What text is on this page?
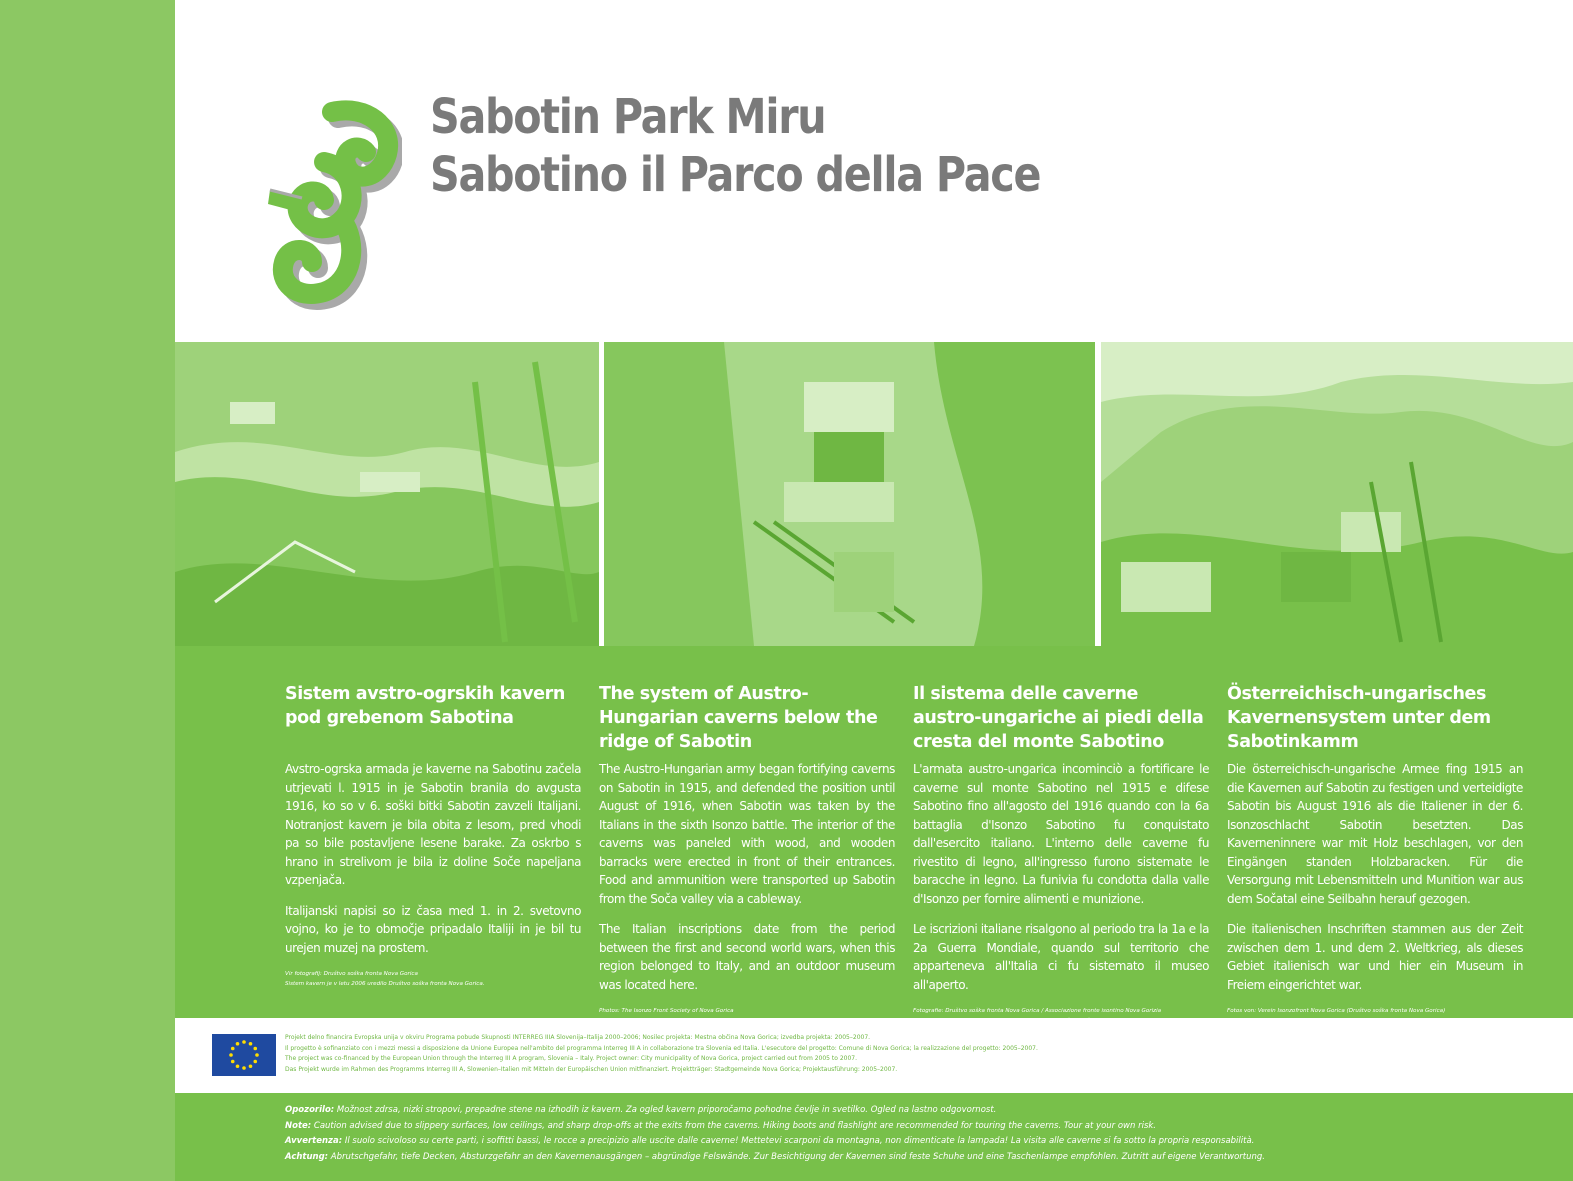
Sabotin Park Miru
Sabotino il Parco della Pace
Sistem avstro-ogrskih kavern pod grebenom Sabotina

Avstro-ogrska armada je kaverne na Sabotinu začela utrjevati l. 1915 in je Sabotin branila do avgusta 1916, ko so v 6. soški bitki Sabotin zavzeli Italijani. Notranjost kavern je bila obita z lesom, pred vhodi pa so bile postavljene lesene barake. Za oskrbo s hrano in strelivom je bila iz doline Soče napeljana vzpenjača.

Italijanski napisi so iz časa med 1. in 2. svetovno vojno, ko je to območje pripadalo Italiji in je bil tu urejen muzej na prostem.

Vir fotografij: Društvo soška fronta Nova Gorica

Sistem kavern je v letu 2006 uredilo Društvo soška fronta Nova Gorica.

The system of Austro-Hungarian caverns below the ridge of Sabotin

The Austro-Hungarian army began fortifying caverns on Sabotin in 1915, and defended the position until August of 1916, when Sabotin was taken by the Italians in the sixth Isonzo battle. The interior of the caverns was paneled with wood, and wooden barracks were erected in front of their entrances. Food and ammunition were transported up Sabotin from the Soča valley via a cableway.

The Italian inscriptions date from the period between the first and second world wars, when this region belonged to Italy, and an outdoor museum was located here.

Photos: The Isonzo Front Society of Nova Gorica

Il sistema delle caverne austro-ungariche ai piedi della cresta del monte Sabotino

L'armata austro-ungarica incominciò a fortificare le caverne sul monte Sabotino nel 1915 e difese Sabotino fino all'agosto del 1916 quando con la 6a battaglia d'Isonzo Sabotino fu conquistato dall'esercito italiano. L'interno delle caverne fu rivestito di legno, all'ingresso furono sistemate le baracche in legno. La funivia fu condotta dalla valle d'Isonzo per fornire alimenti e munizione.

Le iscrizioni italiane risalgono al periodo tra la 1a e la 2a Guerra Mondiale, quando sul territorio che apparteneva all'Italia ci fu sistemato il museo all'aperto.

Fotografie: Društvo soška fronta Nova Gorica / Associazione fronte isontino Nova Gorizia

Österreichisch-ungarisches Kavernensystem unter dem Sabotinkamm

Die österreichisch-ungarische Armee fing 1915 an die Kavernen auf Sabotin zu festigen und verteidigte Sabotin bis August 1916 als die Italiener in der 6. Isonzoschlacht Sabotin besetzten. Das Kaverneninnere war mit Holz beschlagen, vor den Eingängen standen Holzbaracken. Für die Versorgung mit Lebensmitteln und Munition war aus dem Sočatal eine Seilbahn herauf gezogen.

Die italienischen Inschriften stammen aus der Zeit zwischen dem 1. und dem 2. Weltkrieg, als dieses Gebiet italienisch war und hier ein Museum in Freiem eingerichtet war.

Fotos von: Verein Isonzofront Nova Gorica (Društvo soška fronta Nova Gorica)

Projekt delno financira Evropska unija v okviru Programa pobude Skupnosti INTERREG IIIA Slovenija–Italija 2000–2006; Nosilec projekta: Mestna občina Nova Gorica; izvedba projekta: 2005–2007.
Il progetto è sofinanziato con i mezzi messi a disposizione da Unione Europea nell'ambito del programma Interreg III A in collaborazione tra Slovenia ed Italia. L'esecutore del progetto: Comune di Nova Gorica; la realizzazione del progetto: 2005–2007.
The project was co-financed by the European Union through the Interreg III A program, Slovenia – Italy. Project owner: City municipality of Nova Gorica, project carried out from 2005 to 2007.
Das Projekt wurde im Rahmen des Programms Interreg III A, Slowenien–Italien mit Mitteln der Europäischen Union mitfinanziert. Projektträger: Stadtgemeinde Nova Gorica; Projektausführung: 2005–2007.
Opozorilo: Možnost zdrsa, nizki stropovi, prepadne stene na izhodih iz kavern. Za ogled kavern priporočamo pohodne čevlje in svetilko. Ogled na lastno odgovornost.
Note: Caution advised due to slippery surfaces, low ceilings, and sharp drop-offs at the exits from the caverns. Hiking boots and flashlight are recommended for touring the caverns. Tour at your own risk.
Avvertenza: Il suolo scivoloso su certe parti, i soffitti bassi, le rocce a precipizio alle uscite dalle caverne! Mettetevi scarponi da montagna, non dimenticate la lampada! La visita alle caverne si fa sotto la propria responsabilità.
Achtung: Abrutschgefahr, tiefe Decken, Absturzgefahr an den Kavernenausgängen – abgründige Felswände. Zur Besichtigung der Kavernen sind feste Schuhe und eine Taschenlampe empfohlen. Zutritt auf eigene Verantwortung.
